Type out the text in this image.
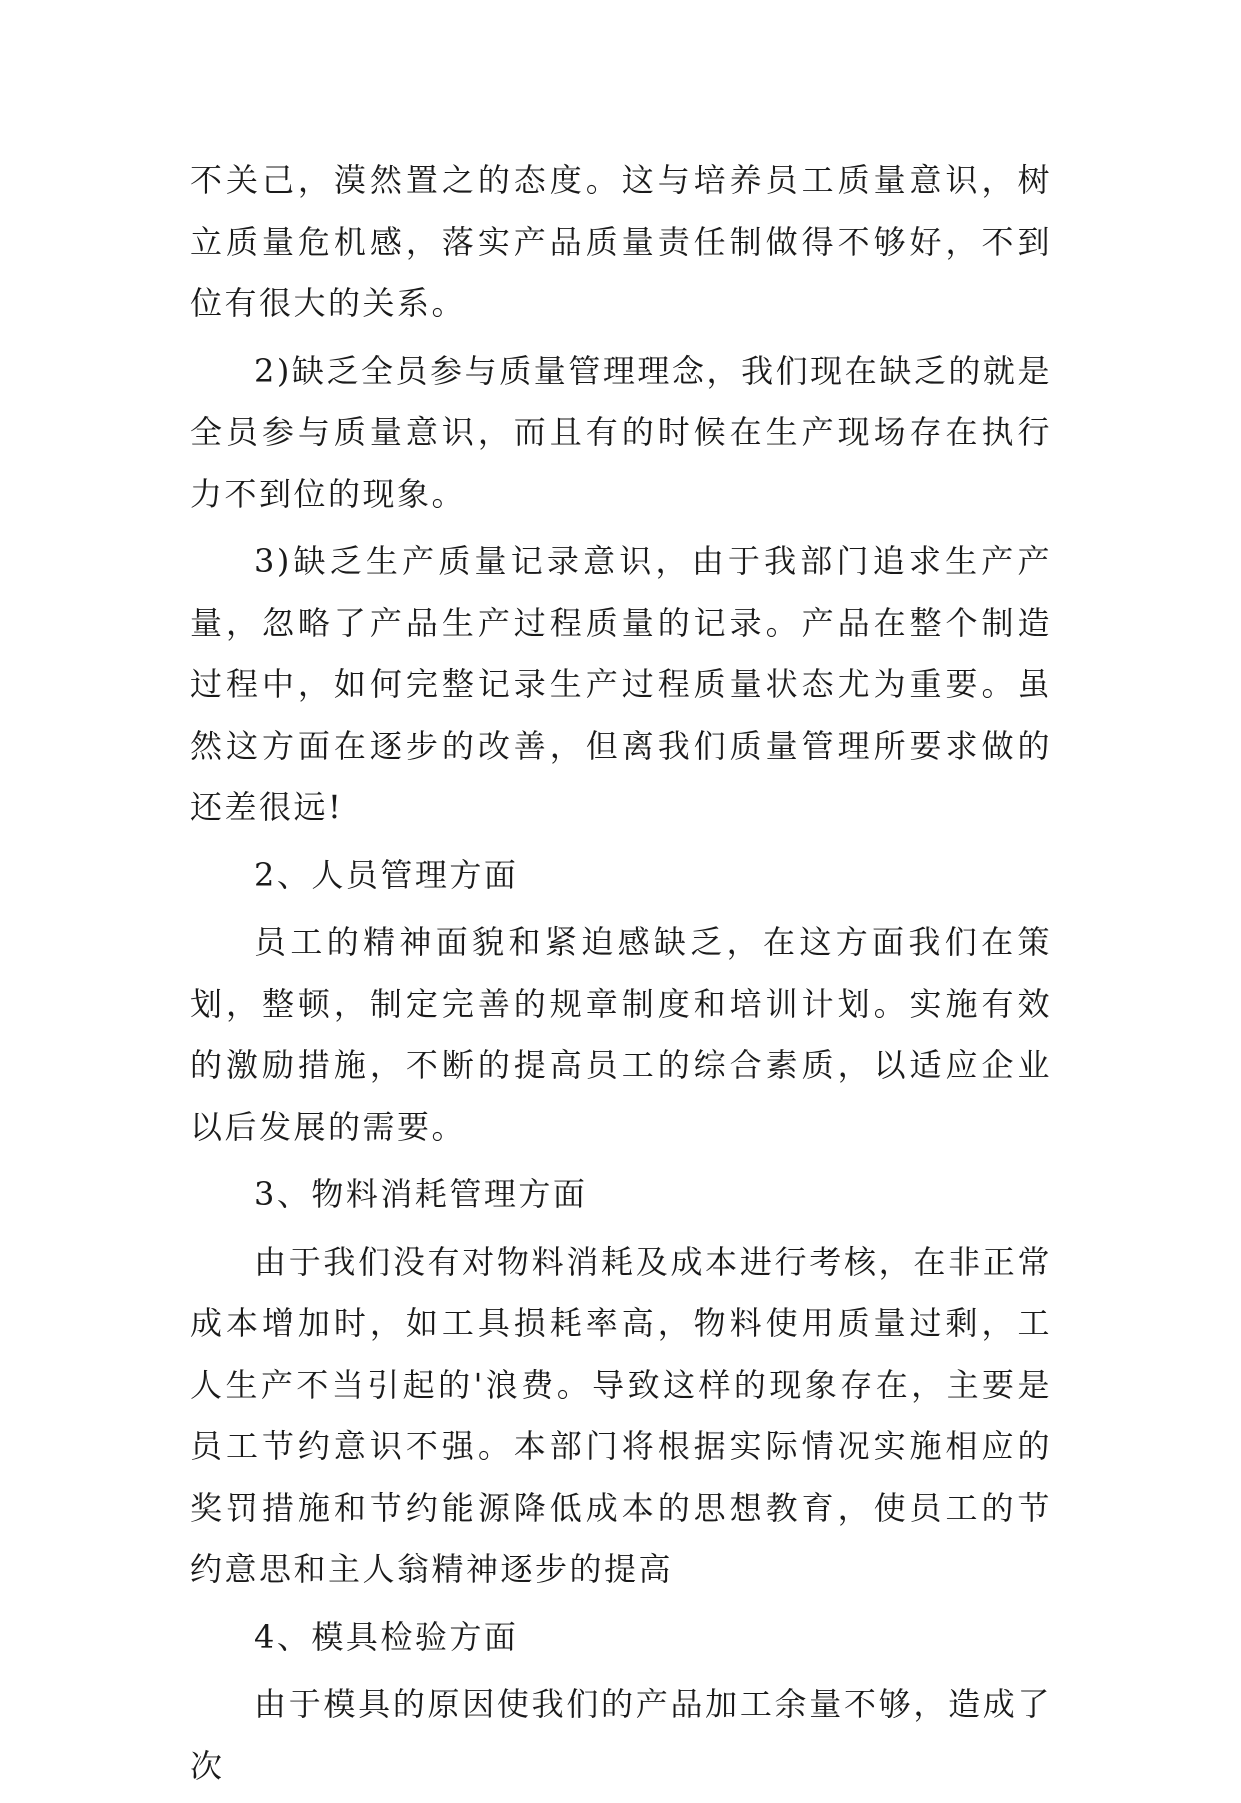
不关己，漠然置之的态度。这与培养员工质量意识，树立质量危机感，落实产品质量责任制做得不够好，不到位有很大的关系。

2)缺乏全员参与质量管理理念，我们现在缺乏的就是全员参与质量意识，而且有的时候在生产现场存在执行力不到位的现象。

3)缺乏生产质量记录意识，由于我部门追求生产产量，忽略了产品生产过程质量的记录。产品在整个制造过程中，如何完整记录生产过程质量状态尤为重要。虽然这方面在逐步的改善，但离我们质量管理所要求做的还差很远!

2、人员管理方面

员工的精神面貌和紧迫感缺乏，在这方面我们在策划，整顿，制定完善的规章制度和培训计划。实施有效的激励措施，不断的提高员工的综合素质，以适应企业以后发展的需要。

3、物料消耗管理方面

由于我们没有对物料消耗及成本进行考核，在非正常成本增加时，如工具损耗率高，物料使用质量过剩，工人生产不当引起的'浪费。导致这样的现象存在，主要是员工节约意识不强。本部门将根据实际情况实施相应的奖罚措施和节约能源降低成本的思想教育，使员工的节约意思和主人翁精神逐步的提高

4、模具检验方面

由于模具的原因使我们的产品加工余量不够，造成了次
